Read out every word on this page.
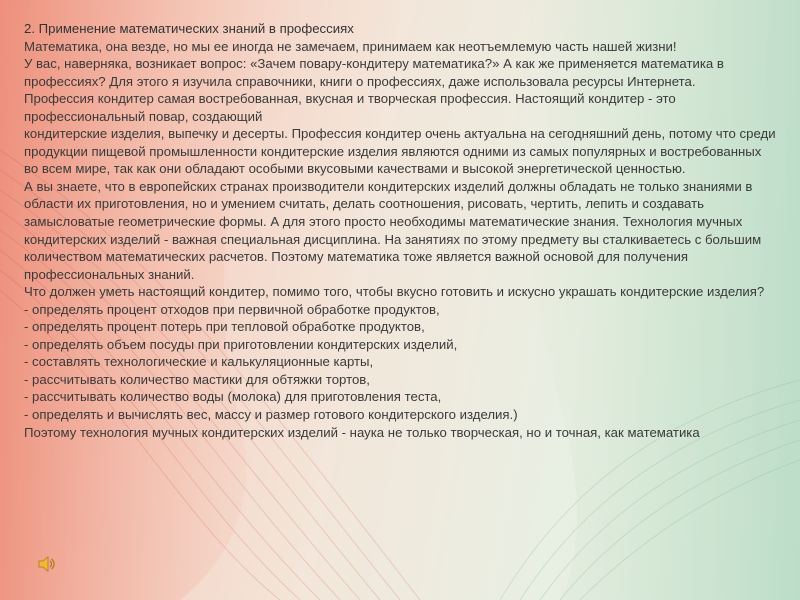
2. Применение математических знаний в профессиях

Математика, она везде, но мы ее иногда не замечаем, принимаем как неотъемлемую часть нашей жизни!

У вас, наверняка, возникает вопрос: «Зачем повару-кондитеру математика?» А как же применяется математика в профессиях? Для этого я изучила справочники, книги о профессиях, даже использовала ресурсы Интернета.

Профессия кондитер самая востребованная, вкусная и творческая профессия. Настоящий кондитер - это профессиональный повар, создающий

кондитерские изделия, выпечку и десерты. Профессия кондитер очень актуальна на сегодняшний день, потому что среди продукции пищевой промышленности кондитерские изделия являются одними из самых популярных и востребованных во всем мире, так как они обладают особыми вкусовыми качествами и высокой энергетической ценностью.

А вы знаете, что в европейских странах производители кондитерских изделий должны обладать не только знаниями в области их приготовления, но и умением считать, делать соотношения, рисовать, чертить, лепить и создавать замысловатые геометрические формы. А для этого просто необходимы математические знания. Технология мучных кондитерских изделий - важная специальная дисциплина. На занятиях по этому предмету вы сталкиваетесь с большим количеством математических расчетов. Поэтому математика тоже является важной основой для получения профессиональных знаний.

Что должен уметь настоящий кондитер, помимо того, чтобы вкусно готовить и искусно украшать кондитерские изделия?

- определять процент отходов при первичной обработке продуктов,

- определять процент потерь при тепловой обработке продуктов,

- определять объем посуды при приготовлении кондитерских изделий,

- составлять технологические и калькуляционные карты,

- рассчитывать количество мастики для обтяжки тортов,

- рассчитывать количество воды (молока) для приготовления теста,

- определять и вычислять вес, массу и размер готового кондитерского изделия.)

Поэтому технология мучных кондитерских изделий - наука не только творческая, но и точная, как математика
